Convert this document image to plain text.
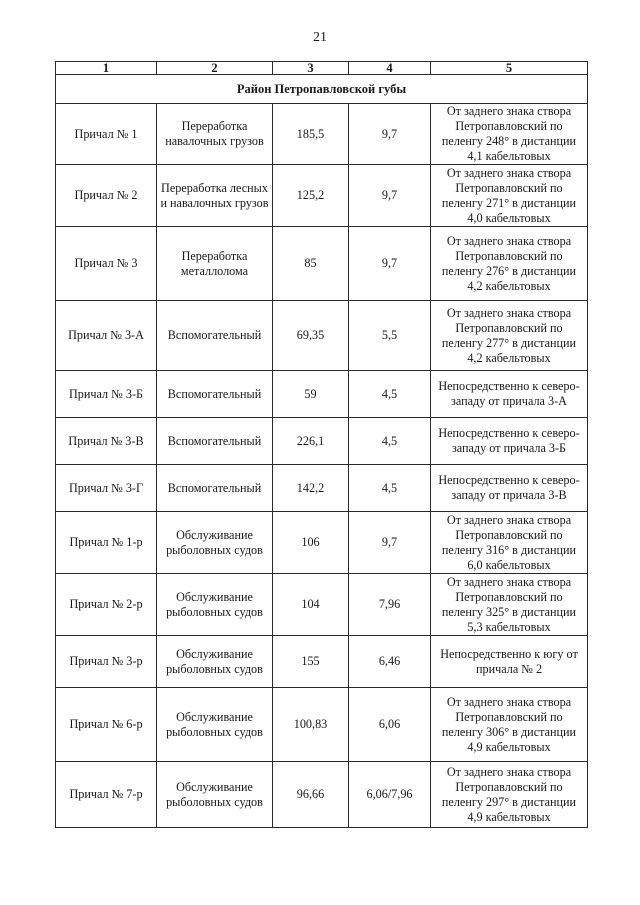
21
1	2	3	4	5
Район Петропавловской губы				
Причал № 1	Переработка навалочных грузов	185,5	9,7	От заднего знака створа Петропавловский по пеленгу 248° в дистанции 4,1 кабельтовых
Причал № 2	Переработка лесных и навалочных грузов	125,2	9,7	От заднего знака створа Петропавловский по пеленгу 271° в дистанции 4,0 кабельтовых
Причал № 3	Переработка металлолома	85	9,7	От заднего знака створа Петропавловский по пеленгу 276° в дистанции 4,2 кабельтовых
Причал № 3-А	Вспомогательный	69,35	5,5	От заднего знака створа Петропавловский по пеленгу 277° в дистанции 4,2 кабельтовых
Причал № 3-Б	Вспомогательный	59	4,5	Непосредственно к северо-западу от причала 3-А
Причал № 3-В	Вспомогательный	226,1	4,5	Непосредственно к северо-западу от причала 3-Б
Причал № 3-Г	Вспомогательный	142,2	4,5	Непосредственно к северо-западу от причала 3-В
Причал № 1-р	Обслуживание рыболовных судов	106	9,7	От заднего знака створа Петропавловский по пеленгу 316° в дистанции 6,0 кабельтовых
Причал № 2-р	Обслуживание рыболовных судов	104	7,96	От заднего знака створа Петропавловский по пеленгу 325° в дистанции 5,3 кабельтовых
Причал № 3-р	Обслуживание рыболовных судов	155	6,46	Непосредственно к югу от причала № 2
Причал № 6-р	Обслуживание рыболовных судов	100,83	6,06	От заднего знака створа Петропавловский по пеленгу 306° в дистанции 4,9 кабельтовых
Причал № 7-р	Обслуживание рыболовных судов	96,66	6,06/7,96	От заднего знака створа Петропавловский по пеленгу 297° в дистанции 4,9 кабельтовых
